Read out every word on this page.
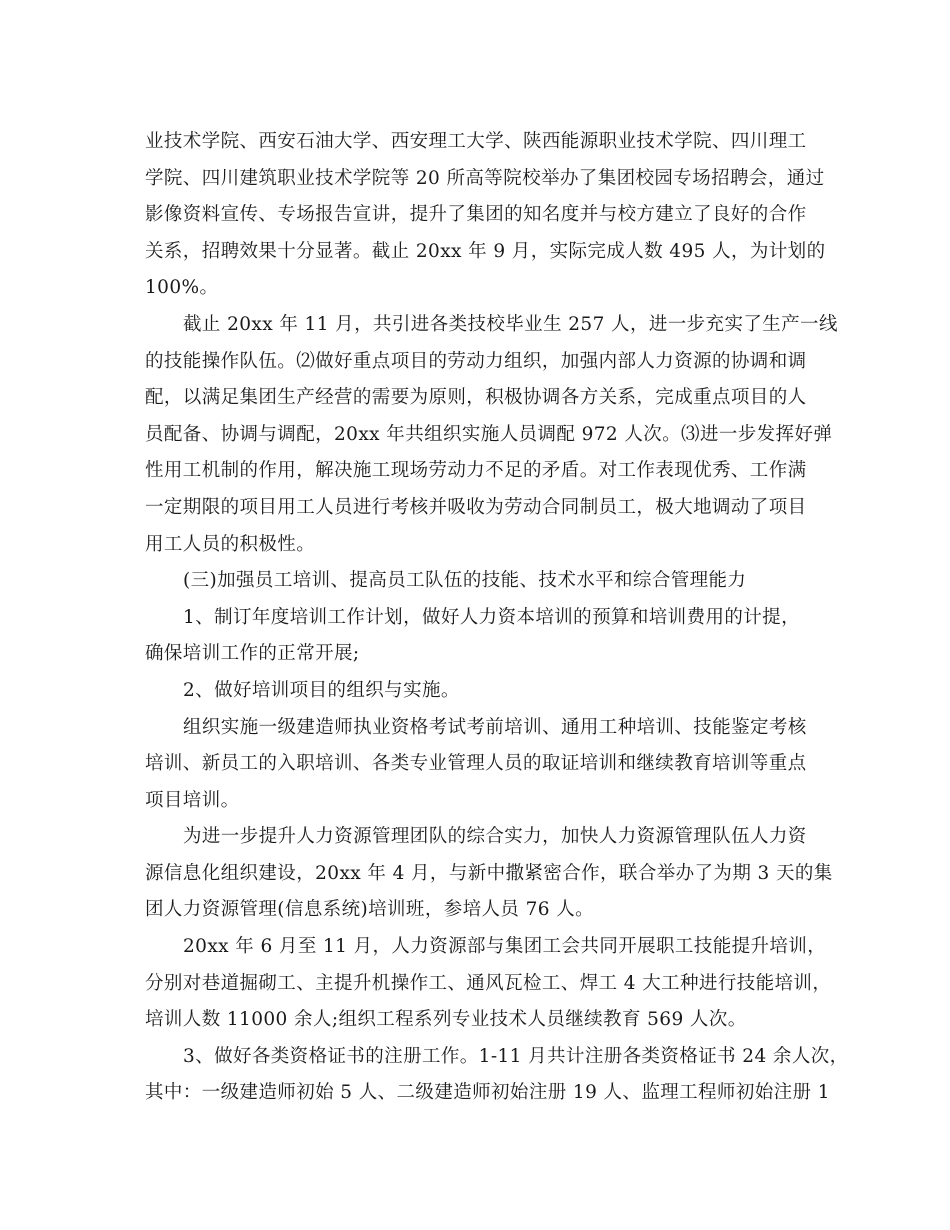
业技术学院、西安石油大学、西安理工大学、陕西能源职业技术学院、四川理工
学院、四川建筑职业技术学院等 20 所高等院校举办了集团校园专场招聘会，通过
影像资料宣传、专场报告宣讲，提升了集团的知名度并与校方建立了良好的合作
关系，招聘效果十分显著。截止 20xx 年 9 月，实际完成人数 495 人，为计划的
100%。
截止 20xx 年 11 月，共引进各类技校毕业生 257 人，进一步充实了生产一线
的技能操作队伍。⑵做好重点项目的劳动力组织，加强内部人力资源的协调和调
配，以满足集团生产经营的需要为原则，积极协调各方关系，完成重点项目的人
员配备、协调与调配，20xx 年共组织实施人员调配 972 人次。⑶进一步发挥好弹
性用工机制的作用，解决施工现场劳动力不足的矛盾。对工作表现优秀、工作满
一定期限的项目用工人员进行考核并吸收为劳动合同制员工，极大地调动了项目
用工人员的积极性。
(三)加强员工培训、提高员工队伍的技能、技术水平和综合管理能力
1、制订年度培训工作计划，做好人力资本培训的预算和培训费用的计提，
确保培训工作的正常开展;
2、做好培训项目的组织与实施。
组织实施一级建造师执业资格考试考前培训、通用工种培训、技能鉴定考核
培训、新员工的入职培训、各类专业管理人员的取证培训和继续教育培训等重点
项目培训。
为进一步提升人力资源管理团队的综合实力，加快人力资源管理队伍人力资
源信息化组织建设，20xx 年 4 月，与新中撒紧密合作，联合举办了为期 3 天的集
团人力资源管理(信息系统)培训班，参培人员 76 人。
20xx 年 6 月至 11 月，人力资源部与集团工会共同开展职工技能提升培训，
分别对巷道掘砌工、主提升机操作工、通风瓦检工、焊工 4 大工种进行技能培训，
培训人数 11000 余人;组织工程系列专业技术人员继续教育 569 人次。
3、做好各类资格证书的注册工作。1-11 月共计注册各类资格证书 24 余人次，
其中：一级建造师初始 5 人、二级建造师初始注册 19 人、监理工程师初始注册 1
